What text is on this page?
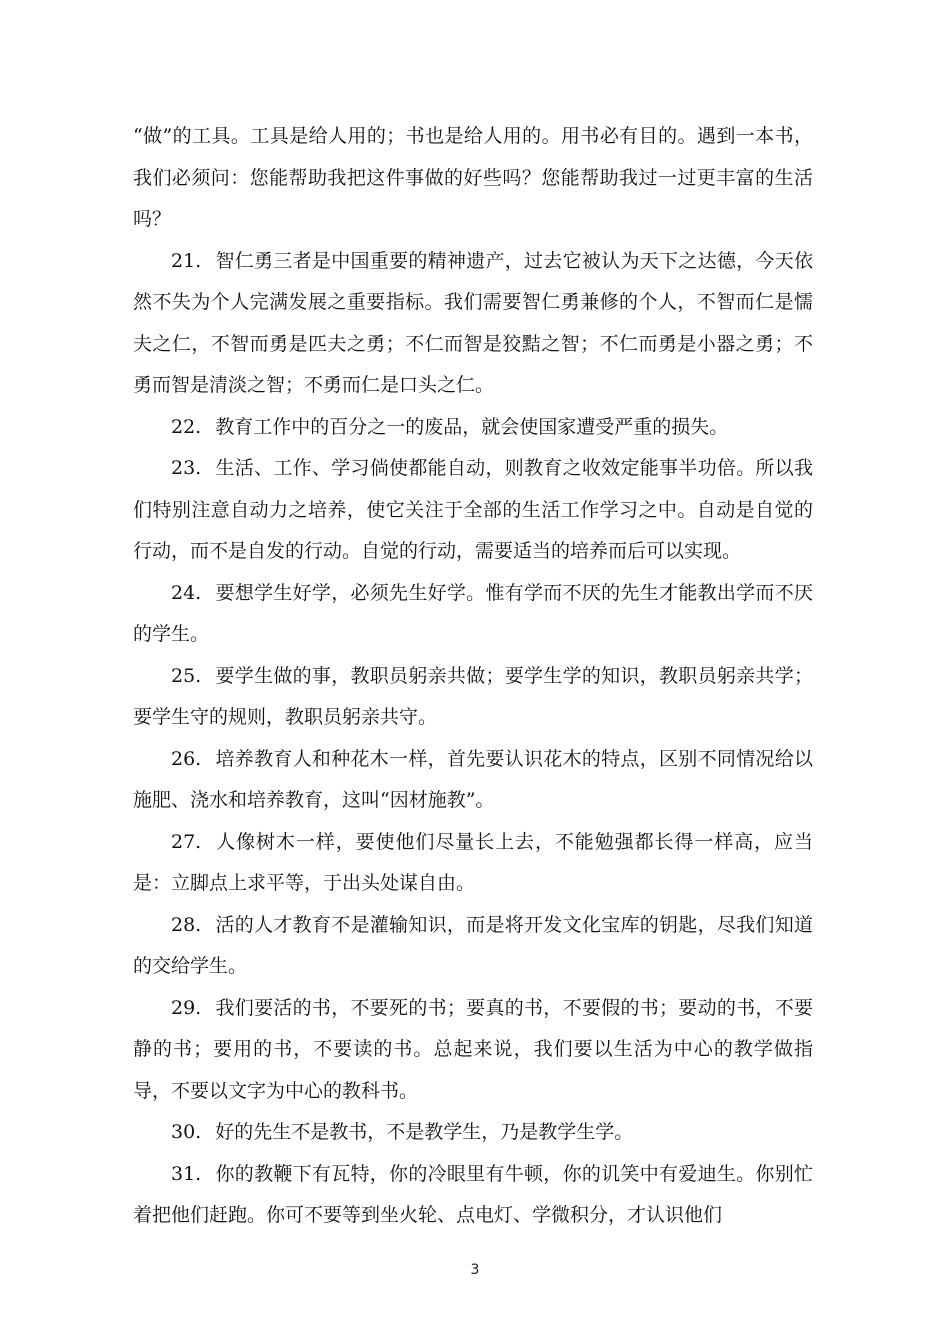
“做”的工具。工具是给人用的；书也是给人用的。用书必有目的。遇到一本书，我们必须问：您能帮助我把这件事做的好些吗？您能帮助我过一过更丰富的生活吗？

21. 智仁勇三者是中国重要的精神遗产，过去它被认为天下之达德，今天依然不失为个人完满发展之重要指标。我们需要智仁勇兼修的个人，不智而仁是懦夫之仁，不智而勇是匹夫之勇；不仁而智是狡黠之智；不仁而勇是小器之勇；不勇而智是清淡之智；不勇而仁是口头之仁。

22. 教育工作中的百分之一的废品，就会使国家遭受严重的损失。

23. 生活、工作、学习倘使都能自动，则教育之收效定能事半功倍。所以我们特别注意自动力之培养，使它关注于全部的生活工作学习之中。自动是自觉的行动，而不是自发的行动。自觉的行动，需要适当的培养而后可以实现。

24. 要想学生好学，必须先生好学。惟有学而不厌的先生才能教出学而不厌的学生。

25. 要学生做的事，教职员躬亲共做；要学生学的知识，教职员躬亲共学；要学生守的规则，教职员躬亲共守。

26. 培养教育人和种花木一样，首先要认识花木的特点，区别不同情况给以施肥、浇水和培养教育，这叫“因材施教”。

27. 人像树木一样，要使他们尽量长上去，不能勉强都长得一样高，应当是：立脚点上求平等，于出头处谋自由。

28. 活的人才教育不是灌输知识，而是将开发文化宝库的钥匙，尽我们知道的交给学生。

29. 我们要活的书，不要死的书；要真的书，不要假的书；要动的书，不要静的书；要用的书，不要读的书。总起来说，我们要以生活为中心的教学做指导，不要以文字为中心的教科书。

30. 好的先生不是教书，不是教学生，乃是教学生学。

31. 你的教鞭下有瓦特，你的冷眼里有牛顿，你的讥笑中有爱迪生。你别忙着把他们赶跑。你可不要等到坐火轮、点电灯、学微积分，才认识他们

3
